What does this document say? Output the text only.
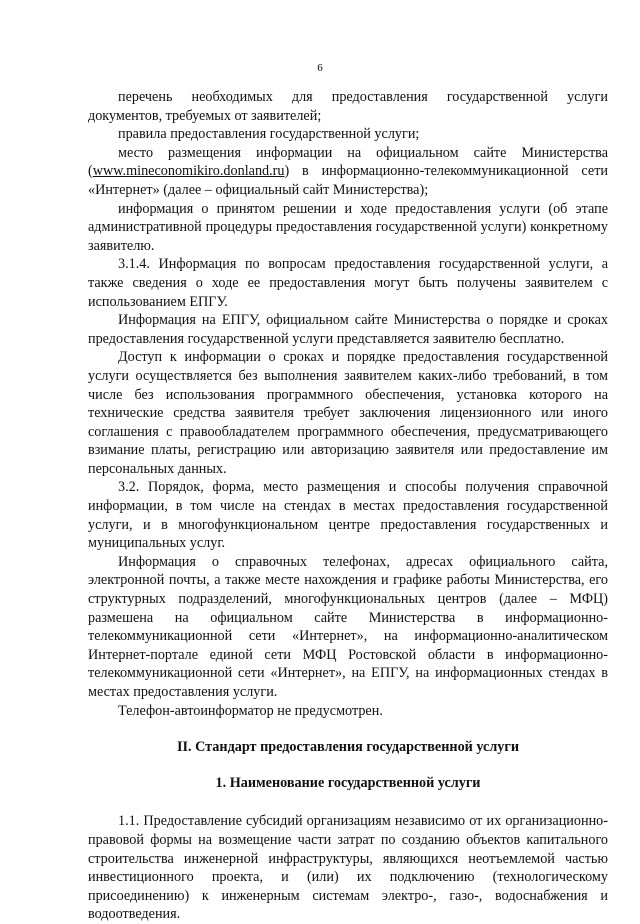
6

перечень необходимых для предоставления государственной услуги документов, требуемых от заявителей;

правила предоставления государственной услуги;

место размещения информации на официальном сайте Министерства (www.mineconomikiro.donland.ru) в информационно-телекоммуникационной сети «Интернет» (далее – официальный сайт Министерства);

информация о принятом решении и ходе предоставления услуги (об этапе административной процедуры предоставления государственной услуги) конкретному заявителю.

3.1.4. Информация по вопросам предоставления государственной услуги, а также сведения о ходе ее предоставления могут быть получены заявителем с использованием ЕПГУ.

Информация на ЕПГУ, официальном сайте Министерства о порядке и сроках предоставления государственной услуги представляется заявителю бесплатно.

Доступ к информации о сроках и порядке предоставления государственной услуги осуществляется без выполнения заявителем каких-либо требований, в том числе без использования программного обеспечения, установка которого на технические средства заявителя требует заключения лицензионного или иного соглашения с правообладателем программного обеспечения, предусматривающего взимание платы, регистрацию или авторизацию заявителя или предоставление им персональных данных.

3.2. Порядок, форма, место размещения и способы получения справочной информации, в том числе на стендах в местах предоставления государственной услуги, и в многофункциональном центре предоставления государственных и муниципальных услуг.

Информация о справочных телефонах, адресах официального сайта, электронной почты, а также месте нахождения и графике работы Министерства, его структурных подразделений, многофункциональных центров (далее – МФЦ) размешена на официальном сайте Министерства в информационно-телекоммуникационной сети «Интернет», на информационно-аналитическом Интернет-портале единой сети МФЦ Ростовской области в информационно-телекоммуникационной сети «Интернет», на ЕПГУ, на информационных стендах в местах предоставления услуги.

Телефон-автоинформатор не предусмотрен.

II. Стандарт предоставления государственной услуги

1. Наименование государственной услуги

1.1. Предоставление субсидий организациям независимо от их организационно-правовой формы на возмещение части затрат по созданию объектов капитального строительства инженерной инфраструктуры, являющихся неотъемлемой частью инвестиционного проекта, и (или) их подключению (технологическому присоединению) к инженерным системам электро-, газо-, водоснабжения и водоотведения.
